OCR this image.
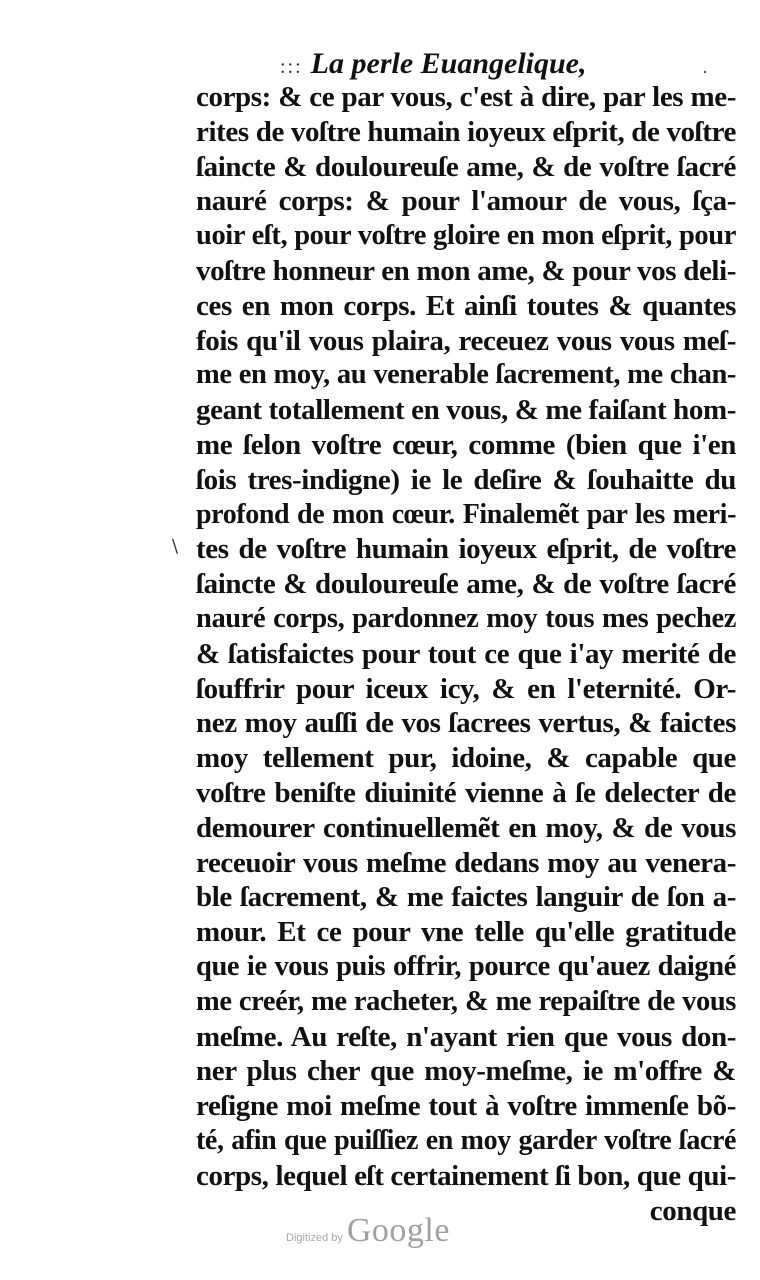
::: La perle Euangelique,	·
\
corps: & ce par vous, c'est à dire, par les me-
rites de voſtre humain ioyeux eſprit, de voſtre
ſaincte & douloureuſe ame, & de voſtre ſacré
nauré corps: & pour l'amour de vous, ſça-
uoir eſt, pour voſtre gloire en mon eſprit, pour
voſtre honneur en mon ame, & pour vos deli-
ces en mon corps. Et ainſi toutes & quantes
fois qu'il vous plaira, receuez vous vous meſ-
me en moy, au venerable ſacrement, me chan-
geant totallement en vous, & me faiſant hom-
me ſelon voſtre cœur, comme (bien que i'en
ſois tres-indigne) ie le deſire & ſouhaitte du
profond de mon cœur. Finalemẽt par les meri-
tes de voſtre humain ioyeux eſprit, de voſtre
ſaincte & douloureuſe ame, & de voſtre ſacré
nauré corps, pardonnez moy tous mes pechez
& ſatisfaictes pour tout ce que i'ay merité de
ſouffrir pour iceux icy, & en l'eternité. Or-
nez moy auſſi de vos ſacrees vertus, & faictes
moy tellement pur, idoine, & capable que
voſtre beniſte diuinité vienne à ſe delecter de
demourer continuellemẽt en moy, & de vous
receuoir vous meſme dedans moy au venera-
ble ſacrement, & me faictes languir de ſon a-
mour. Et ce pour vne telle qu'elle gratitude
que ie vous puis offrir, pource qu'auez daigné
me creér, me racheter, & me repaiſtre de vous
meſme. Au reſte, n'ayant rien que vous don-
ner plus cher que moy-meſme, ie m'offre &
reſigne moi meſme tout à voſtre immenſe bõ-
té, afin que puiſſiez en moy garder voſtre ſacré
corps, lequel eſt certainement ſi bon, que qui-
conque
Digitized by Google
